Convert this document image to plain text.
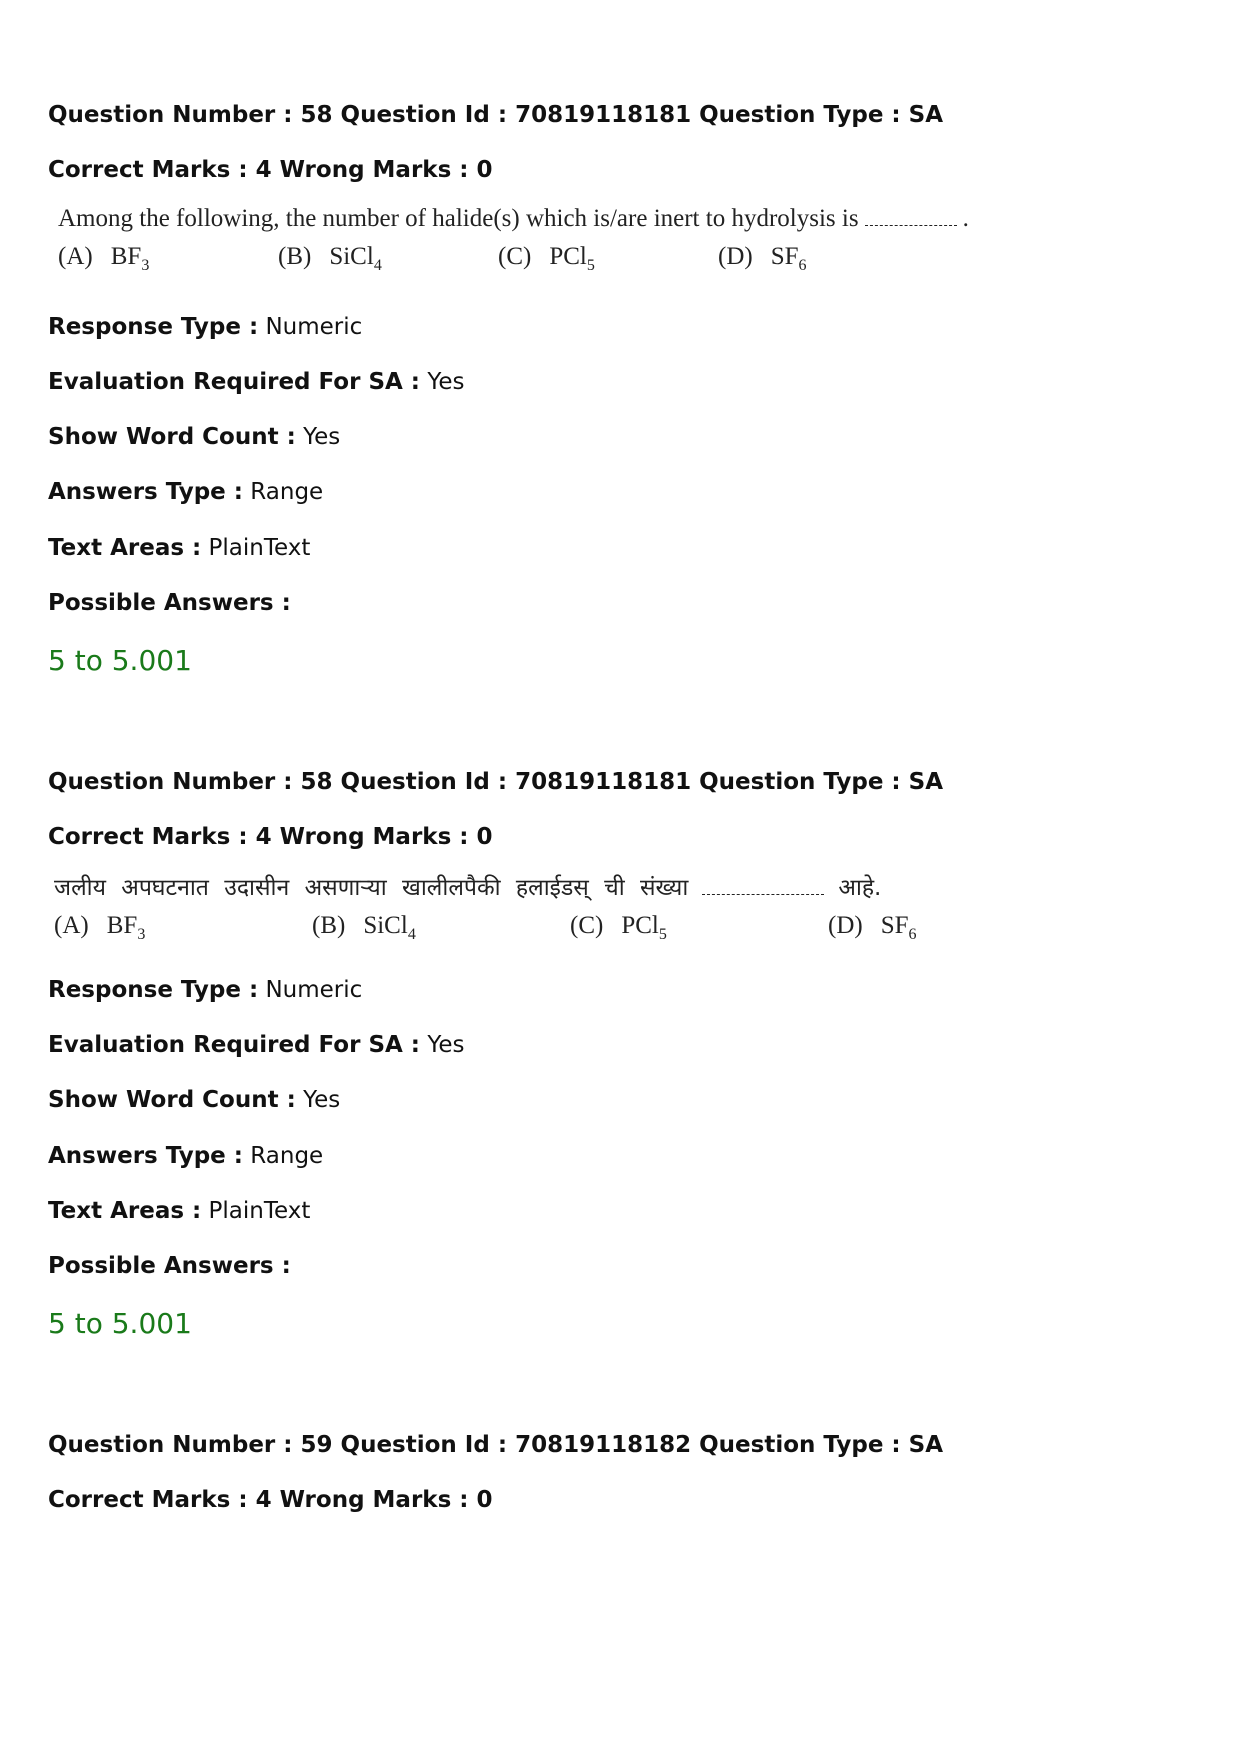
Question Number : 58 Question Id : 70819118181 Question Type : SA
Correct Marks : 4 Wrong Marks : 0
Among the following, the number of halide(s) which is/are inert to hydrolysis is	.
(A) $BF_3$	(B) SiCl$_4$	(C) PCl$_5$	(D) $SF_6$
Response Type : Numeric
Evaluation Required For SA : Yes
Show Word Count : Yes
Answers Type : Range
Text Areas : PlainText
Possible Answers :
5 to 5.001
Question Number : 58 Question Id : 70819118181 Question Type : SA
Correct Marks : 4 Wrong Marks : 0
जलीय अपघटनात उदासीन असणाऱ्या खालीलपैकी हलाईडस् ची संख्या	आहे.
(A) $BF_3$	(B) SiCl$_4$	(C) PCl$_5$	(D) $SF_6$
Response Type : Numeric
Evaluation Required For SA : Yes
Show Word Count : Yes
Answers Type : Range
Text Areas : PlainText
Possible Answers :
5 to 5.001
Question Number : 59 Question Id : 70819118182 Question Type : SA
Correct Marks : 4 Wrong Marks : 0
